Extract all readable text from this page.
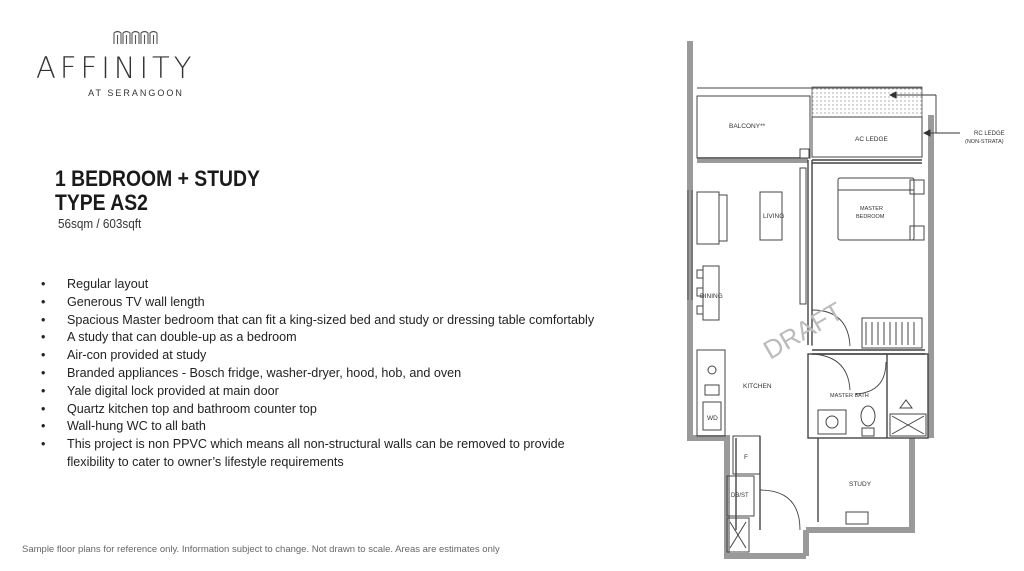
AFFINITY
AT SERANGOON
1 BEDROOM + STUDY
TYPE AS2
56sqm / 603sqft
• Regular layout
• Generous TV wall length
• Spacious Master bedroom that can fit a king-sized bed and study or dressing table comfortably
• A study that can double-up as a bedroom
• Air-con provided at study
• Branded appliances - Bosch fridge, washer-dryer, hood, hob, and oven
• Yale digital lock provided at main door
• Quartz kitchen top and bathroom counter top
• Wall-hung WC to all bath
• This project is non PPVC which means all non-structural walls can be removed to provide flexibility to cater to owner’s lifestyle requirements
Sample floor plans for reference only. Information subject to change. Not drawn to scale. Areas are estimates only
BALCONY**
AC LEDGE
RC LEDGE
(NON-STRATA)
LIVING
MASTER
BEDROOM
DINING
KITCHEN
MASTER BATH
WD
F
DB/ST
STUDY
DRAFT
